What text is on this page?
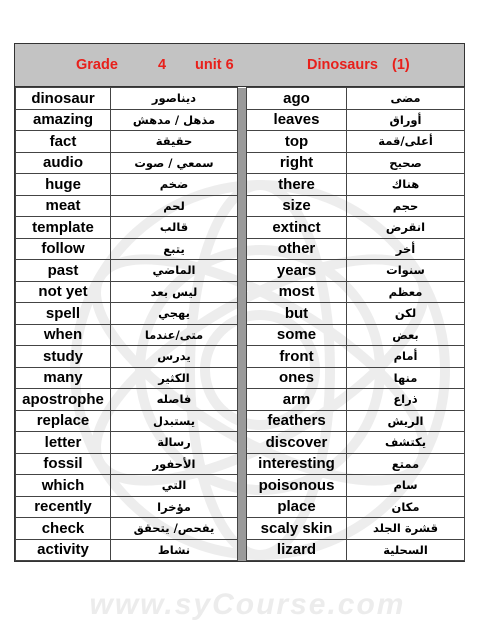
www.syCourse.com
Grade	4 unit 6	Dinosaurs (1)
dinosaur	ديناصور		ago	مضى
amazing	مذهل / مدهش		leaves	أوراق
fact	حقيقة		top	أعلى/قمة
audio	سمعي / صوت		right	صحيح
huge	ضخم		there	هناك
meat	لحم		size	حجم
template	قالب		extinct	انقرض
follow	يتبع		other	أخر
past	الماضي		years	سنوات
not yet	ليس بعد		most	معظم
spell	يهجي		but	لكن
when	متى/عندما		some	بعض
study	يدرس		front	أمام
many	الكثير		ones	منها
apostrophe	فاصله		arm	ذراع
replace	يستبدل		feathers	الريش
letter	رسالة		discover	يكتشف
fossil	الأحفور		interesting	ممتع
which	التي		poisonous	سام
recently	مؤخرا		place	مكان
check	يفحص/ يتحقق		scaly skin	قشرة الجلد
activity	نشاط		lizard	السحلية
